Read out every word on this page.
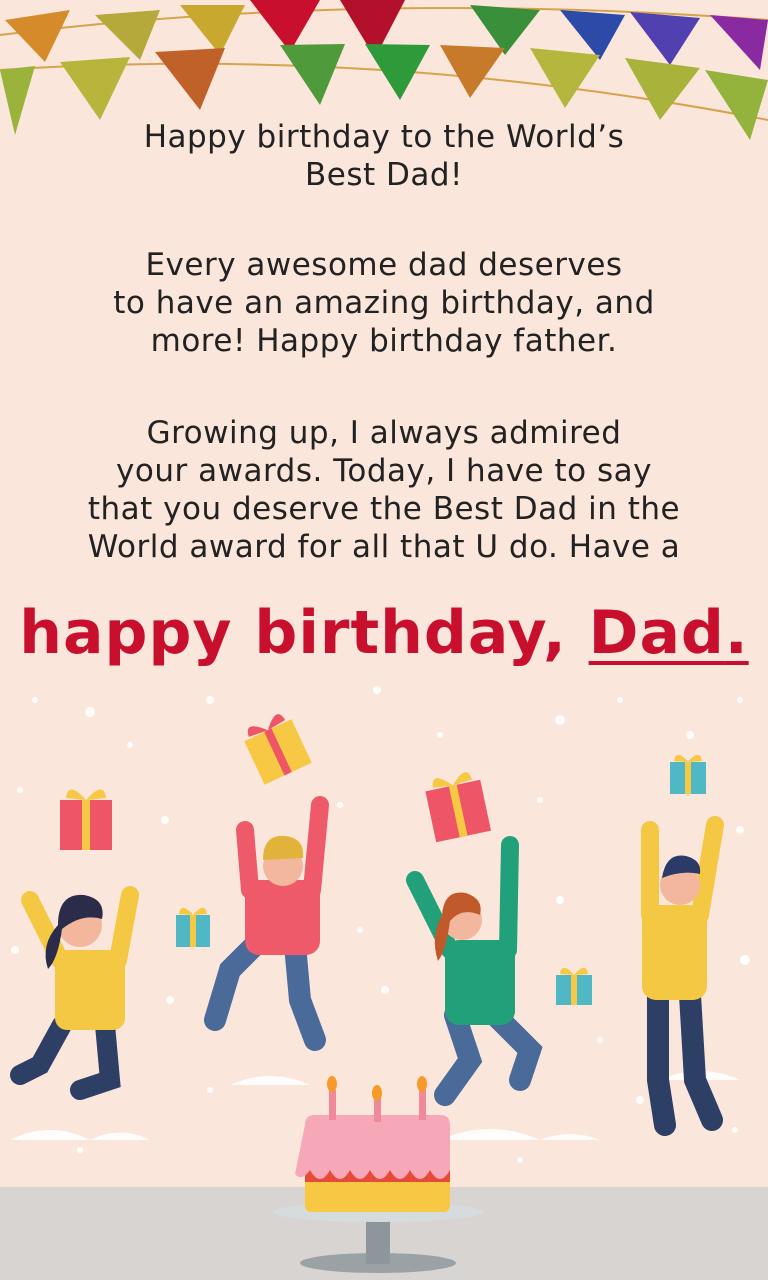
Happy birthday to the World’s
Best Dad!
Every awesome dad deserves
to have an amazing birthday, and
more! Happy birthday father.
Growing up, I always admired
your awards. Today, I have to say
that you deserve the Best Dad in the
World award for all that U do. Have a
happy birthday, Dad.
